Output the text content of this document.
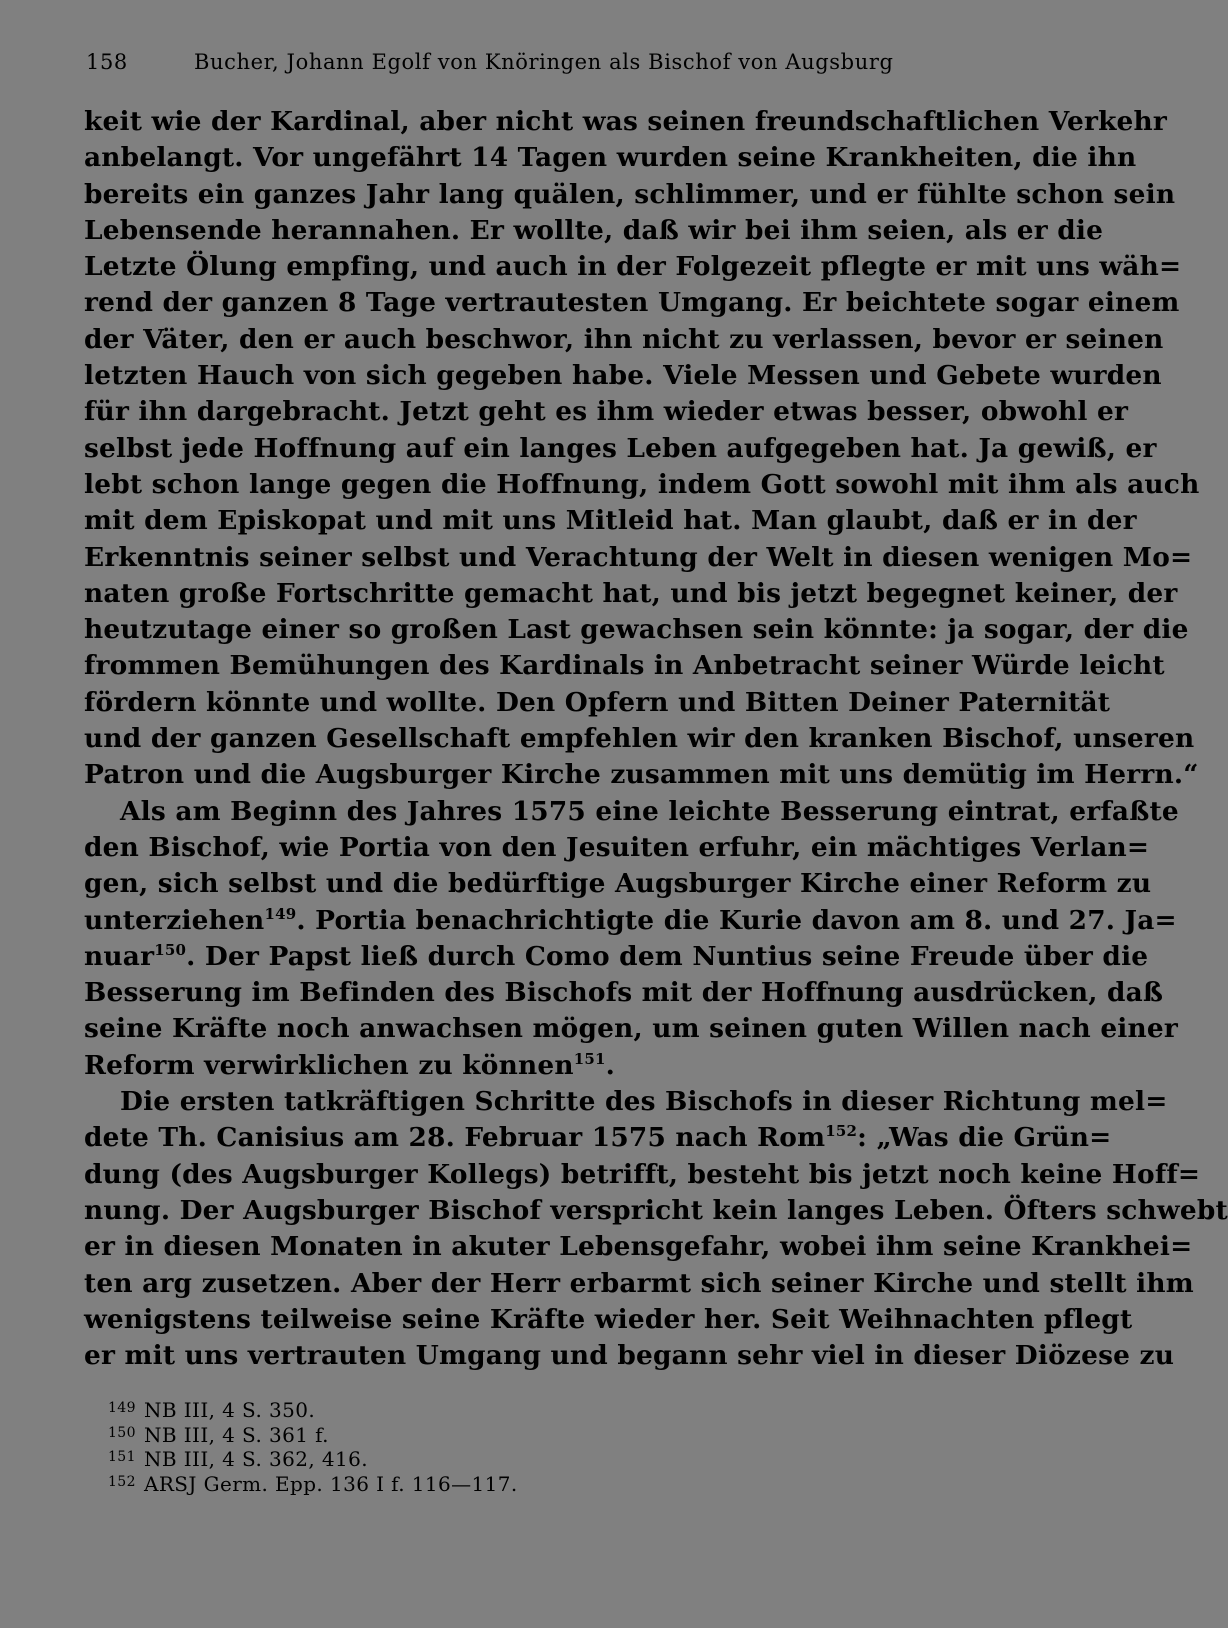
158	Bucher, Johann Egolf von Knöringen als Bischof von Augsburg
keit wie der Kardinal, aber nicht was seinen freundschaftlichen Verkehr
anbelangt. Vor ungefährt 14 Tagen wurden seine Krankheiten, die ihn
bereits ein ganzes Jahr lang quälen, schlimmer, und er fühlte schon sein
Lebensende herannahen. Er wollte, daß wir bei ihm seien, als er die
Letzte Ölung empfing, und auch in der Folgezeit pflegte er mit uns wäh=
rend der ganzen 8 Tage vertrautesten Umgang. Er beichtete sogar einem
der Väter, den er auch beschwor, ihn nicht zu verlassen, bevor er seinen
letzten Hauch von sich gegeben habe. Viele Messen und Gebete wurden
für ihn dargebracht. Jetzt geht es ihm wieder etwas besser, obwohl er
selbst jede Hoffnung auf ein langes Leben aufgegeben hat. Ja gewiß, er
lebt schon lange gegen die Hoffnung, indem Gott sowohl mit ihm als auch
mit dem Episkopat und mit uns Mitleid hat. Man glaubt, daß er in der
Erkenntnis seiner selbst und Verachtung der Welt in diesen wenigen Mo=
naten große Fortschritte gemacht hat, und bis jetzt begegnet keiner, der
heutzutage einer so großen Last gewachsen sein könnte: ja sogar, der die
frommen Bemühungen des Kardinals in Anbetracht seiner Würde leicht
fördern könnte und wollte. Den Opfern und Bitten Deiner Paternität
und der ganzen Gesellschaft empfehlen wir den kranken Bischof, unseren
Patron und die Augsburger Kirche zusammen mit uns demütig im Herrn.“
Als am Beginn des Jahres 1575 eine leichte Besserung eintrat, erfaßte
den Bischof, wie Portia von den Jesuiten erfuhr, ein mächtiges Verlan=
gen, sich selbst und die bedürftige Augsburger Kirche einer Reform zu
unterziehen$^{149}$. Portia benachrichtigte die Kurie davon am 8. und 27. Ja=
nuar$^{150}$. Der Papst ließ durch Como dem Nuntius seine Freude über die
Besserung im Befinden des Bischofs mit der Hoffnung ausdrücken, daß
seine Kräfte noch anwachsen mögen, um seinen guten Willen nach einer
Reform verwirklichen zu können$^{151}$.
Die ersten tatkräftigen Schritte des Bischofs in dieser Richtung mel=
dete Th. Canisius am 28. Februar 1575 nach Rom$^{152}$: „Was die Grün=
dung (des Augsburger Kollegs) betrifft, besteht bis jetzt noch keine Hoff=
nung. Der Augsburger Bischof verspricht kein langes Leben. Öfters schwebt
er in diesen Monaten in akuter Lebensgefahr, wobei ihm seine Krankhei=
ten arg zusetzen. Aber der Herr erbarmt sich seiner Kirche und stellt ihm
wenigstens teilweise seine Kräfte wieder her. Seit Weihnachten pflegt
er mit uns vertrauten Umgang und begann sehr viel in dieser Diözese zu
149 NB III, 4 S. 350.
150 NB III, 4 S. 361 f.
151 NB III, 4 S. 362, 416.
152 ARSJ Germ. Epp. 136 I f. 116—117.
